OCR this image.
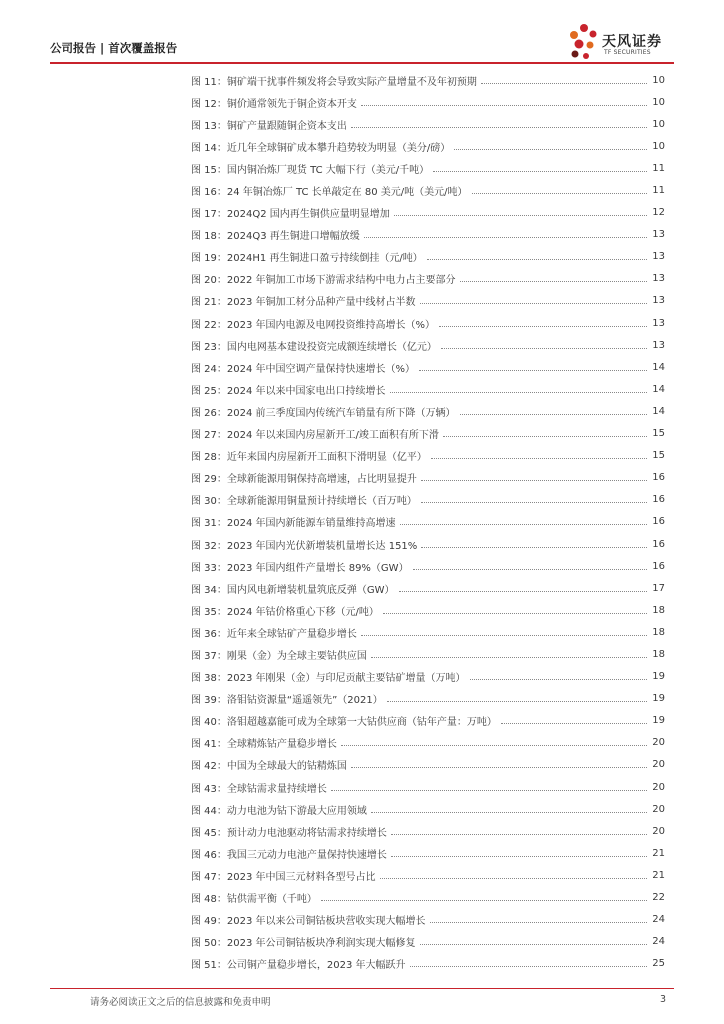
公司报告 | 首次覆盖报告	天风证券
TF SECURITIES
图 11：铜矿端干扰事件频发将会导致实际产量增量不及年初预期	10
图 12：铜价通常领先于铜企资本开支	10
图 13：铜矿产量跟随铜企资本支出	10
图 14：近几年全球铜矿成本攀升趋势较为明显（美分/磅）	10
图 15：国内铜冶炼厂现货 TC 大幅下行（美元/千吨）	11
图 16：24 年铜冶炼厂 TC 长单敲定在 80 美元/吨（美元/吨）	11
图 17：2024Q2 国内再生铜供应量明显增加	12
图 18：2024Q3 再生铜进口增幅放缓	13
图 19：2024H1 再生铜进口盈亏持续倒挂（元/吨）	13
图 20：2022 年铜加工市场下游需求结构中电力占主要部分	13
图 21：2023 年铜加工材分品种产量中线材占半数	13
图 22：2023 年国内电源及电网投资维持高增长（%）	13
图 23：国内电网基本建设投资完成额连续增长（亿元）	13
图 24：2024 年中国空调产量保持快速增长（%）	14
图 25：2024 年以来中国家电出口持续增长	14
图 26：2024 前三季度国内传统汽车销量有所下降（万辆）	14
图 27：2024 年以来国内房屋新开工/竣工面积有所下滑	15
图 28：近年来国内房屋新开工面积下滑明显（亿平）	15
图 29：全球新能源用铜保持高增速，占比明显提升	16
图 30：全球新能源用铜量预计持续增长（百万吨）	16
图 31：2024 年国内新能源车销量维持高增速	16
图 32：2023 年国内光伏新增装机量增长达 151%	16
图 33：2023 年国内组件产量增长 89%（GW）	16
图 34：国内风电新增装机量筑底反弹（GW）	17
图 35：2024 年钴价格重心下移（元/吨）	18
图 36：近年来全球钴矿产量稳步增长	18
图 37：刚果（金）为全球主要钴供应国	18
图 38：2023 年刚果（金）与印尼贡献主要钴矿增量（万吨）	19
图 39：洛钼钴资源量“遥遥领先”（2021）	19
图 40：洛钼超越嘉能可成为全球第一大钴供应商（钴年产量：万吨）	19
图 41：全球精炼钴产量稳步增长	20
图 42：中国为全球最大的钴精炼国	20
图 43：全球钴需求量持续增长	20
图 44：动力电池为钴下游最大应用领域	20
图 45：预计动力电池驱动将钴需求持续增长	20
图 46：我国三元动力电池产量保持快速增长	21
图 47：2023 年中国三元材料各型号占比	21
图 48：钴供需平衡（千吨）	22
图 49：2023 年以来公司铜钴板块营收实现大幅增长	24
图 50：2023 年公司铜钴板块净利润实现大幅修复	24
图 51：公司铜产量稳步增长，2023 年大幅跃升	25
请务必阅读正文之后的信息披露和免责申明	3
